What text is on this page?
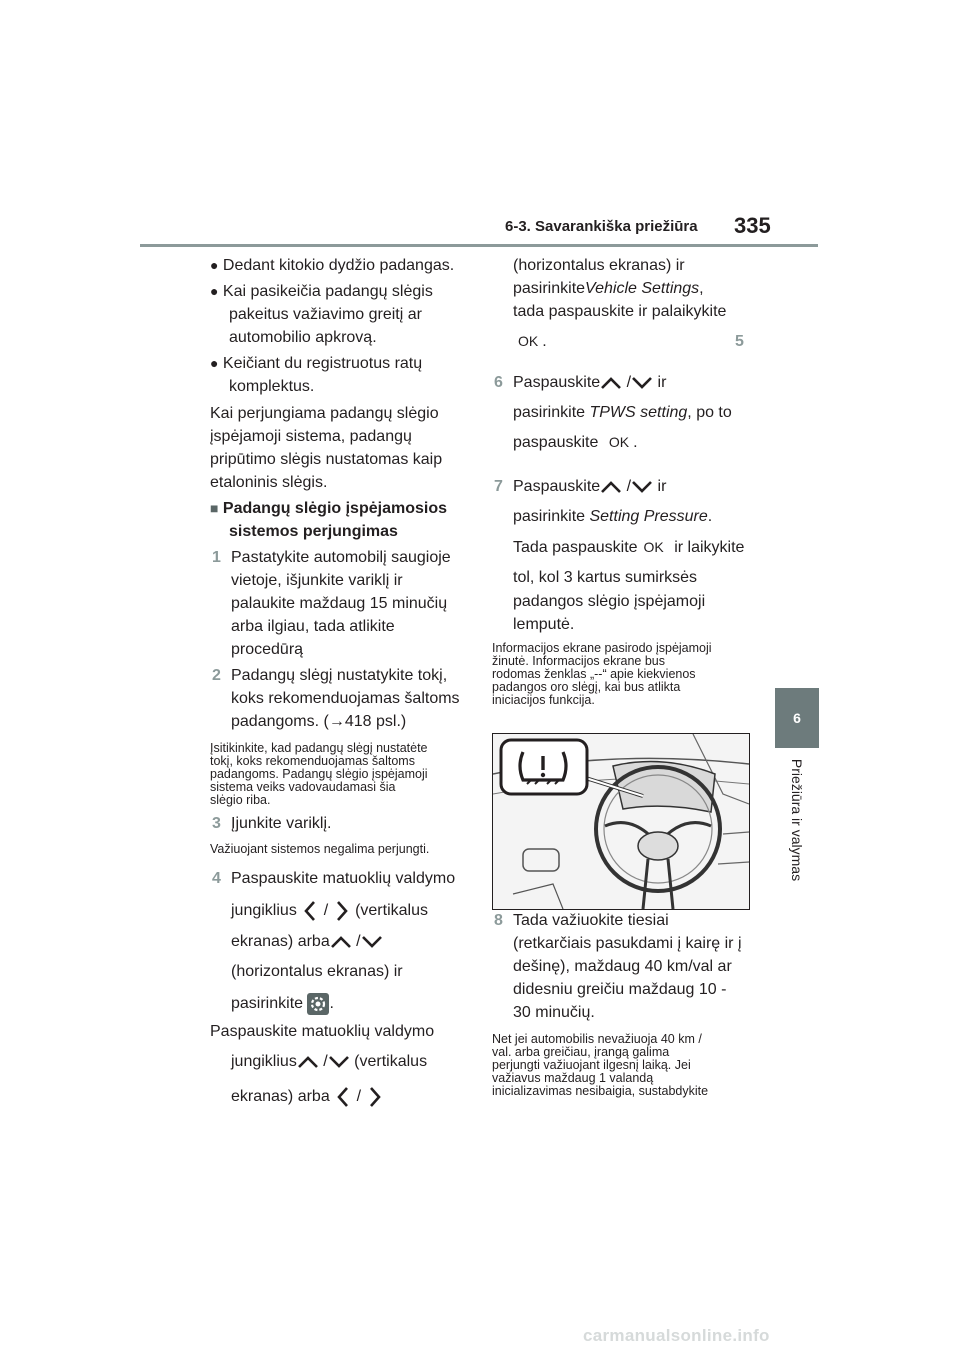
6-3. Savarankiška priežiūra 335
6
Priežiūra ir valymas
● Dedant kitokio dydžio padangas.
● Kai pasikeičia padangų slėgis
pakeitus važiavimo greitį ar
automobilio apkrovą.
● Keičiant du registruotus ratų
komplektus.
Kai perjungiama padangų slėgio
įspėjamoji sistema, padangų
pripūtimo slėgis nustatomas kaip
etaloninis slėgis.
■ Padangų slėgio įspėjamosios
sistemos perjungimas
1 Pastatykite automobilį saugioje
vietoje, išjunkite variklį ir
palaukite maždaug 15 minučių
arba ilgiau, tada atlikite
procedūrą
2 Padangų slėgį nustatykite tokį,
koks rekomenduojamas šaltoms
padangoms. (→418 psl.)
Įsitikinkite, kad padangų slėgį nustatėte
tokį, koks rekomenduojamas šaltoms
padangoms. Padangų slėgio įspėjamoji
sistema veiks vadovaudamasi šia
slėgio riba.
3 Įjunkite variklį.
Važiuojant sistemos negalima perjungti.
4 Paspauskite matuoklių valdymo
jungiklius / (vertikalus
ekranas) arba /
(horizontalus ekranas) ir
pasirinkite .
Paspauskite matuoklių valdymo
jungiklius / (vertikalus
ekranas) arba /
(horizontalus ekranas) ir
pasirinkiteVehicle Settings,
tada paspauskite ir palaikykite
OK .	5
6 Paspauskite / ir
pasirinkite TPWS setting, po to
paspauskite OK .
7 Paspauskite / ir
pasirinkite Setting Pressure.
Tada paspauskite OK ir laikykite
tol, kol 3 kartus sumirksės
padangos slėgio įspėjamoji
lemputė.
Informacijos ekrane pasirodo įspėjamoji
žinutė. Informacijos ekrane bus
rodomas ženklas „--“ apie kiekvienos
padangos oro slėgį, kai bus atlikta
iniciacijos funkcija.
8 Tada važiuokite tiesiai
(retkarčiais pasukdami į kairę ir į
dešinę), maždaug 40 km/val ar
didesniu greičiu maždaug 10 -
30 minučių.
Net jei automobilis nevažiuoja 40 km /
val. arba greičiau, įrangą galima
perjungti važiuojant ilgesnį laiką. Jei
važiavus maždaug 1 valandą
inicializavimas nesibaigia, sustabdykite
carmanualsonline.info
